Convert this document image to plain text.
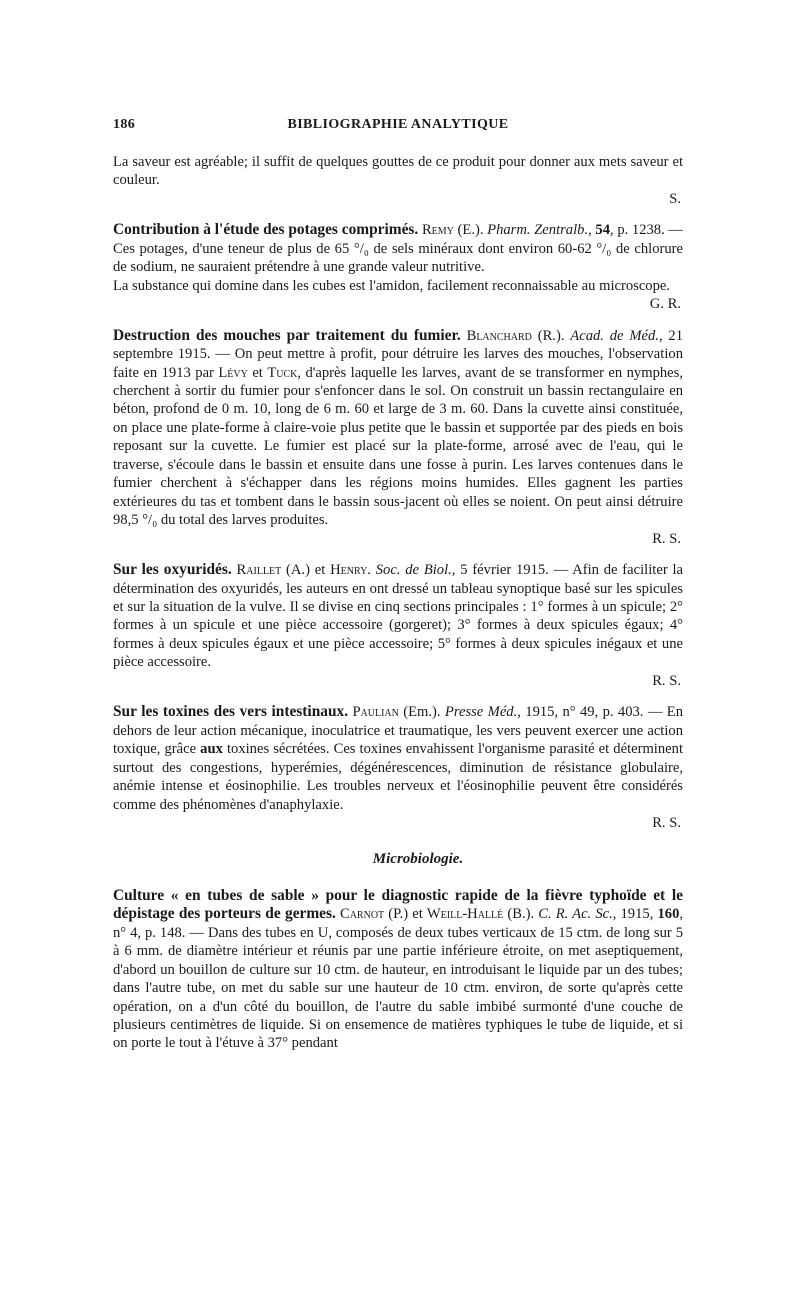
186	BIBLIOGRAPHIE ANALYTIQUE

La saveur est agréable; il suffit de quelques gouttes de ce produit pour donner aux mets saveur et couleur.
S.

Contribution à l'étude des potages comprimés. Remy (E.). Pharm. Zentralb., 54, p. 1238. — Ces potages, d'une teneur de plus de 65 °/₀ de sels minéraux dont environ 60-62 °/₀ de chlorure de sodium, ne sauraient prétendre à une grande valeur nutritive.

La substance qui domine dans les cubes est l'amidon, facilement reconnaissable au microscope.
G. R.

Destruction des mouches par traitement du fumier. Blanchard (R.). Acad. de Méd., 21 septembre 1915. — On peut mettre à profit, pour détruire les larves des mouches, l'observation faite en 1913 par Lévy et Tuck, d'après laquelle les larves, avant de se transformer en nymphes, cherchent à sortir du fumier pour s'enfoncer dans le sol. On construit un bassin rectangulaire en béton, profond de 0 m. 10, long de 6 m. 60 et large de 3 m. 60. Dans la cuvette ainsi constituée, on place une plate-forme à claire-voie plus petite que le bassin et supportée par des pieds en bois reposant sur la cuvette. Le fumier est placé sur la plate-forme, arrosé avec de l'eau, qui le traverse, s'écoule dans le bassin et ensuite dans une fosse à purin. Les larves contenues dans le fumier cherchent à s'échapper dans les régions moins humides. Elles gagnent les parties extérieures du tas et tombent dans le bassin sous-jacent où elles se noient. On peut ainsi détruire 98,5 °/₀ du total des larves produites.
R. S.

Sur les oxyuridés. Raillet (A.) et Henry. Soc. de Biol., 5 février 1915. — Afin de faciliter la détermination des oxyuridés, les auteurs en ont dressé un tableau synoptique basé sur les spicules et sur la situation de la vulve. Il se divise en cinq sections principales : 1° formes à un spicule; 2° formes à un spicule et une pièce accessoire (gorgeret); 3° formes à deux spicules égaux; 4° formes à deux spicules égaux et une pièce accessoire; 5° formes à deux spicules inégaux et une pièce accessoire.
R. S.

Sur les toxines des vers intestinaux. Paulian (Em.). Presse Méd., 1915, n° 49, p. 403. — En dehors de leur action mécanique, inoculatrice et traumatique, les vers peuvent exercer une action toxique, grâce aux toxines sécrétées. Ces toxines envahissent l'organisme parasité et déterminent surtout des congestions, hyperémies, dégénérescences, diminution de résistance globulaire, anémie intense et éosinophilie. Les troubles nerveux et l'éosinophilie peuvent être considérés comme des phénomènes d'anaphylaxie.
R. S.

Microbiologie.

Culture « en tubes de sable » pour le diagnostic rapide de la fièvre typhoïde et le dépistage des porteurs de germes. Carnot (P.) et Weill-Hallé (B.). C. R. Ac. Sc., 1915, 160, n° 4, p. 148. — Dans des tubes en U, composés de deux tubes verticaux de 15 ctm. de long sur 5 à 6 mm. de diamètre intérieur et réunis par une partie inférieure étroite, on met aseptiquement, d'abord un bouillon de culture sur 10 ctm. de hauteur, en introduisant le liquide par un des tubes; dans l'autre tube, on met du sable sur une hauteur de 10 ctm. environ, de sorte qu'après cette opération, on a d'un côté du bouillon, de l'autre du sable imbibé surmonté d'une couche de plusieurs centimètres de liquide. Si on ensemence de matières typhiques le tube de liquide, et si on porte le tout à l'étuve à 37° pendant
